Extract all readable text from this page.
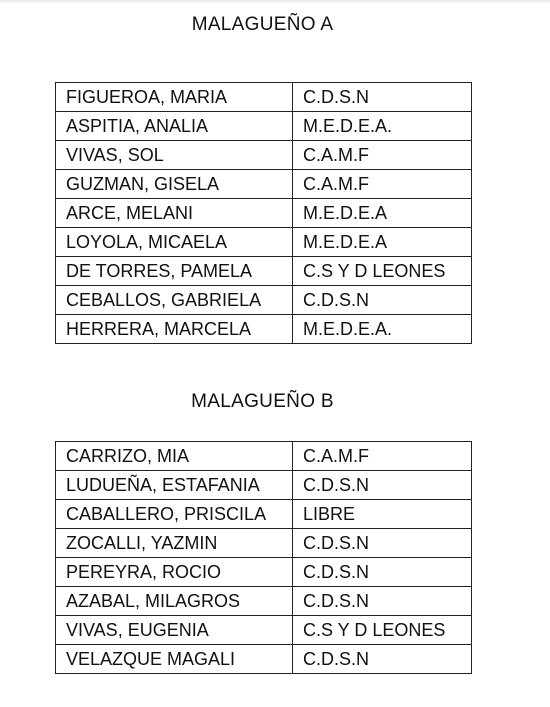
MALAGUEÑO A
FIGUEROA, MARIA	C.D.S.N
ASPITIA, ANALIA	M.E.D.E.A.
VIVAS, SOL	C.A.M.F
GUZMAN, GISELA	C.A.M.F
ARCE, MELANI	M.E.D.E.A
LOYOLA, MICAELA	M.E.D.E.A
DE TORRES, PAMELA	C.S Y D LEONES
CEBALLOS, GABRIELA	C.D.S.N
HERRERA, MARCELA	M.E.D.E.A.
MALAGUEÑO B
CARRIZO, MIA	C.A.M.F
LUDUEÑA, ESTAFANIA	C.D.S.N
CABALLERO, PRISCILA	LIBRE
ZOCALLI, YAZMIN	C.D.S.N
PEREYRA, ROCIO	C.D.S.N
AZABAL, MILAGROS	C.D.S.N
VIVAS, EUGENIA	C.S Y D LEONES
VELAZQUE MAGALI	C.D.S.N
